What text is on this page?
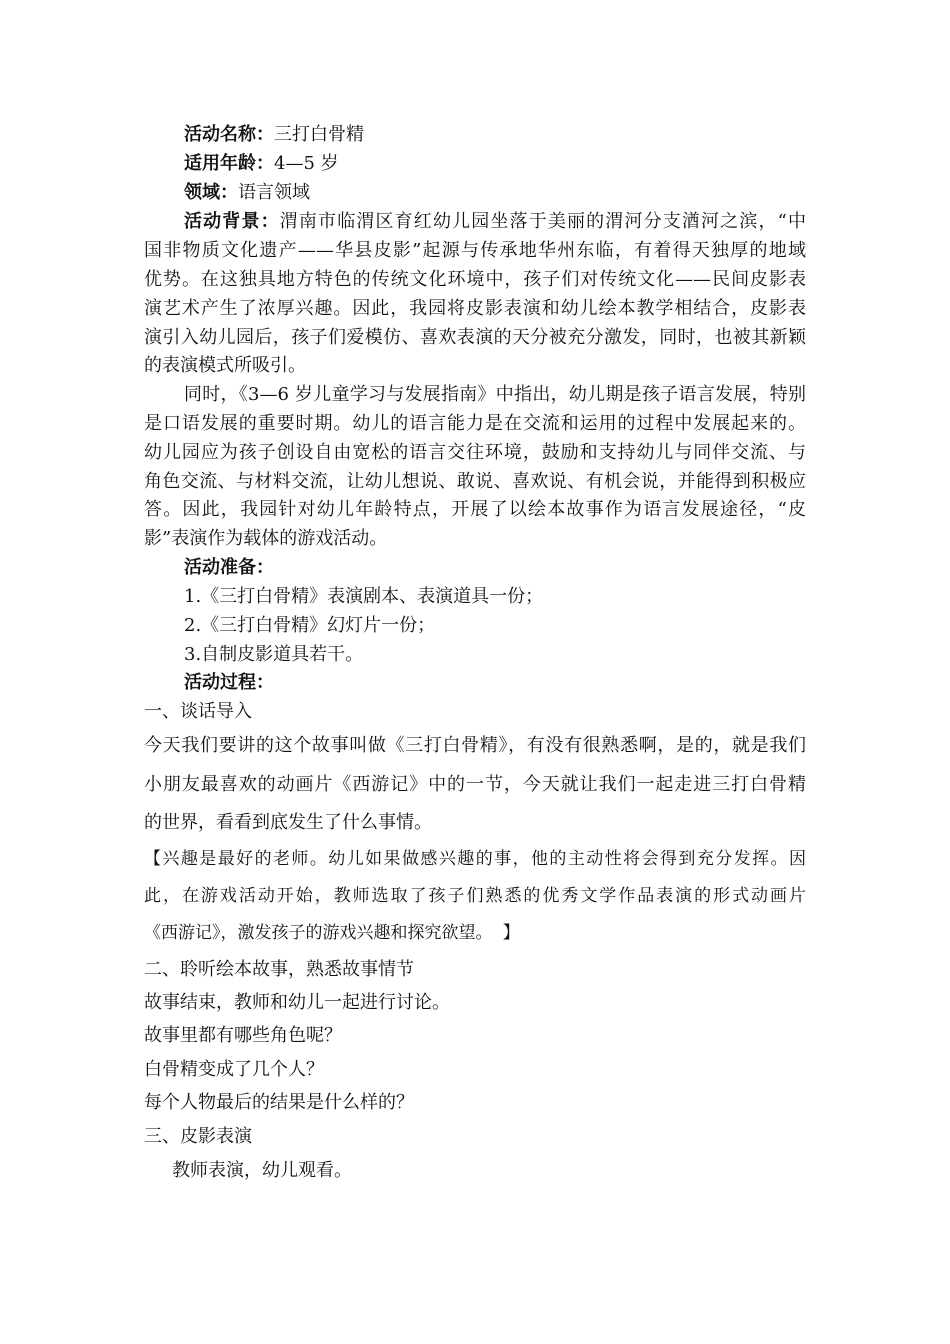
活动名称：三打白骨精
适用年龄：4—5 岁
领域：语言领域
活动背景：渭南市临渭区育红幼儿园坐落于美丽的渭河分支湭河之滨，“中
国非物质文化遗产——华县皮影”起源与传承地华州东临，有着得天独厚的地域
优势。在这独具地方特色的传统文化环境中，孩子们对传统文化——民间皮影表
演艺术产生了浓厚兴趣。因此，我园将皮影表演和幼儿绘本教学相结合，皮影表
演引入幼儿园后，孩子们爱模仿、喜欢表演的天分被充分激发，同时，也被其新颖
的表演模式所吸引。
同时，《3—6 岁儿童学习与发展指南》中指出，幼儿期是孩子语言发展，特别
是口语发展的重要时期。幼儿的语言能力是在交流和运用的过程中发展起来的。
幼儿园应为孩子创设自由宽松的语言交往环境，鼓励和支持幼儿与同伴交流、与
角色交流、与材料交流，让幼儿想说、敢说、喜欢说、有机会说，并能得到积极应
答。因此，我园针对幼儿年龄特点，开展了以绘本故事作为语言发展途径，“皮
影”表演作为载体的游戏活动。
活动准备：
1.《三打白骨精》表演剧本、表演道具一份；
2.《三打白骨精》幻灯片一份；
3.自制皮影道具若干。
活动过程：
一、谈话导入
今天我们要讲的这个故事叫做《三打白骨精》，有没有很熟悉啊，是的，就是我们
小朋友最喜欢的动画片《西游记》中的一节，今天就让我们一起走进三打白骨精
的世界，看看到底发生了什么事情。
【兴趣是最好的老师。幼儿如果做感兴趣的事，他的主动性将会得到充分发挥。因
此，在游戏活动开始，教师选取了孩子们熟悉的优秀文学作品表演的形式动画片
《西游记》，激发孩子的游戏兴趣和探究欲望。 】
二、聆听绘本故事，熟悉故事情节
故事结束，教师和幼儿一起进行讨论。
故事里都有哪些角色呢？
白骨精变成了几个人？
每个人物最后的结果是什么样的？
三、皮影表演
教师表演，幼儿观看。
